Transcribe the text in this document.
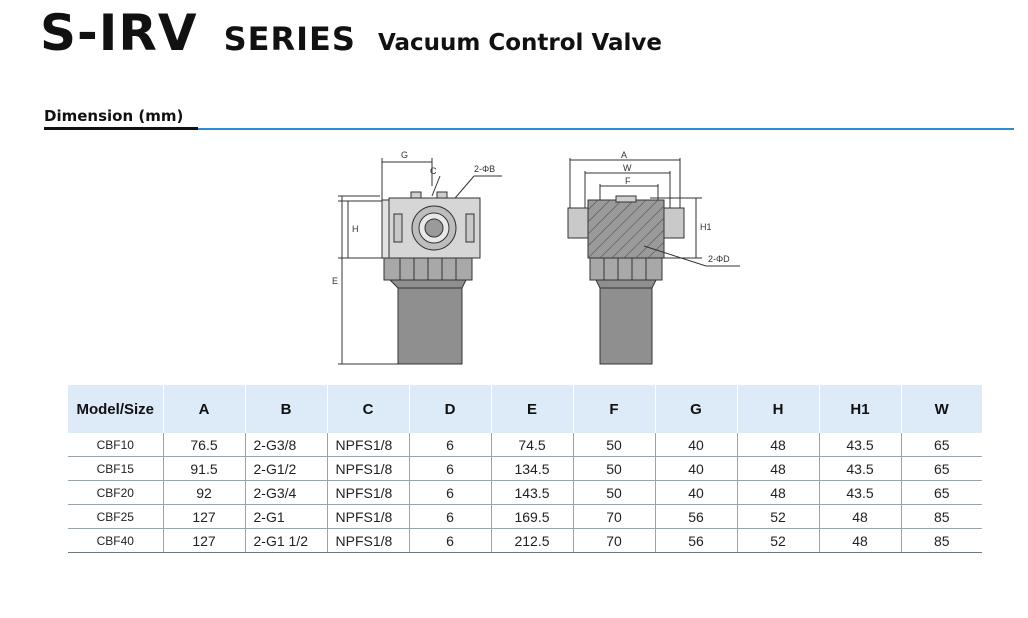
S-IRV SERIES Vacuum Control Valve
Dimension (mm)
G
C	2-ΦB
H
E
A
W
F
H1
2-ΦD
Model/Size	A	B	C	D	E	F	G	H	H1	W
CBF10	76.5	2-G3/8	NPFS1/8	6	74.5	50	40	48	43.5	65
CBF15	91.5	2-G1/2	NPFS1/8	6	134.5	50	40	48	43.5	65
CBF20	92	2-G3/4	NPFS1/8	6	143.5	50	40	48	43.5	65
CBF25	127	2-G1	NPFS1/8	6	169.5	70	56	52	48	85
CBF40	127	2-G1 1/2	NPFS1/8	6	212.5	70	56	52	48	85
